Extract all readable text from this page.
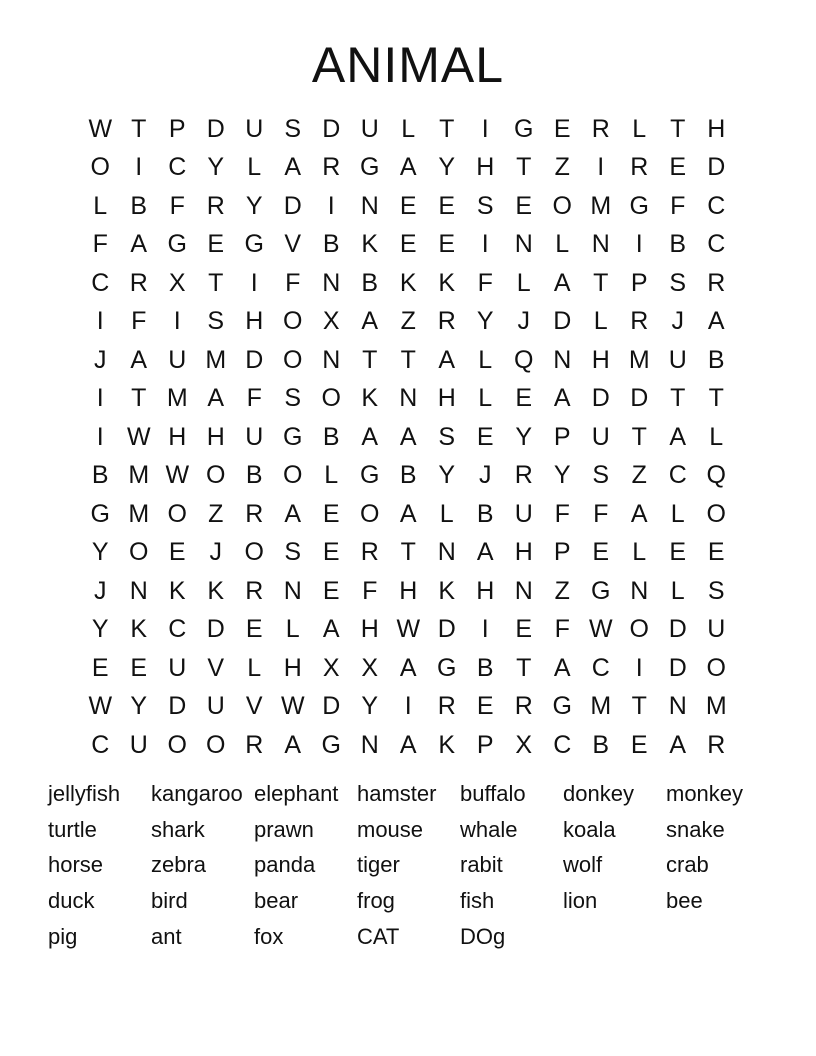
ANIMAL
W T P D U S D U L T	I	G E R L T H
O	I	C Y L A R G A Y H T Z	I	R E D
L B F R Y D	I	N E E S E O M G F C
F A G E G V B K E E	I	N L N	I	B C
C R X T	I	F N B K K F L A T P S R
I	F	I	S H O X A Z R Y J D L R J A
J A U M D O N T T A L Q N H M U B
I	T M A F S O K N H L E A D D T T
I W H H U G B A A S E Y P U T A L
B M W O B O L G B Y J R Y S Z C Q
G M O Z R A E O A L B U F F A L O
Y O E J O S E R T N A H P E L E E
J N K K R N E F H K H N Z G N L S
Y K C D E L A H W D	I	E F W O D U
E E U V L H X X A G B T A C	I	D O
W Y D U V W D Y	I	R E R G M T N M
C U O O R A G N A K P X C B E A R
jellyfish kangaroo elephant hamster buffalo donkey monkey
turtle shark prawn mouse whale koala snake
horse zebra panda tiger	rabit	wolf	crab
duck	bird	bear	frog	fish	lion	bee
pig	ant	fox	CAT	DOg
